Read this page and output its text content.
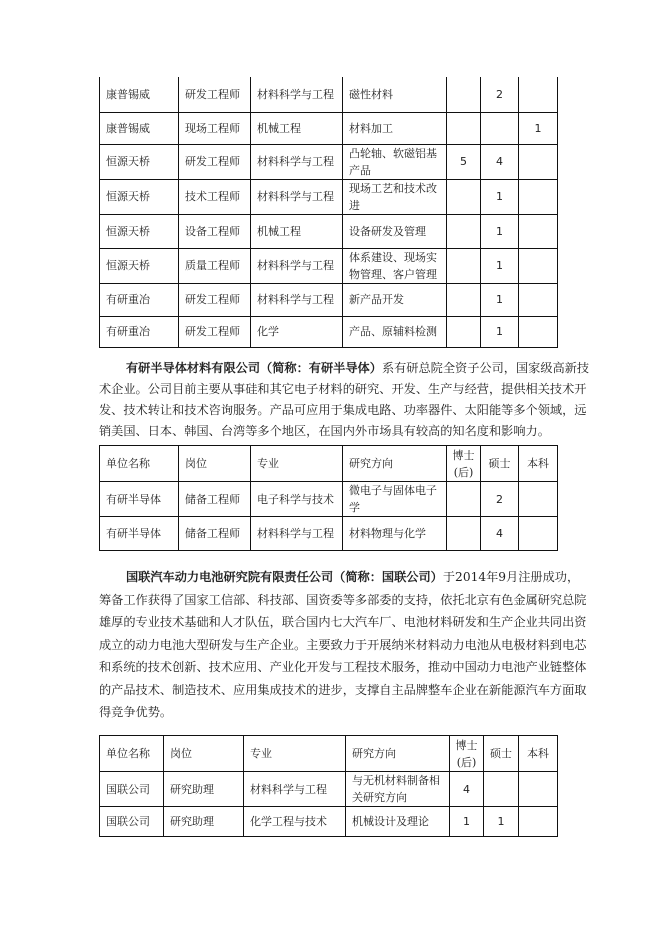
康普锡威	研发工程师	材料科学与工程	磁性材料		2	
康普锡威	现场工程师	机械工程	材料加工			1
恒源天桥	研发工程师	材料科学与工程	凸轮轴、软磁铝基产品	5	4	
恒源天桥	技术工程师	材料科学与工程	现场工艺和技术改进		1	
恒源天桥	设备工程师	机械工程	设备研发及管理		1	
恒源天桥	质量工程师	材料科学与工程	体系建设、现场实物管理、客户管理		1	
有研重冶	研发工程师	材料科学与工程	新产品开发		1	
有研重冶	研发工程师	化学	产品、原辅料检测		1	
有研半导体材料有限公司（简称：有研半导体）系有研总院全资子公司，国家级高新技
术企业。公司目前主要从事硅和其它电子材料的研究、开发、生产与经营，提供相关技术开
发、技术转让和技术咨询服务。产品可应用于集成电路、功率器件、太阳能等多个领域，远
销美国、日本、韩国、台湾等多个地区，在国内外市场具有较高的知名度和影响力。
单位名称	岗位	专业	研究方向	博士(后)	硕士	本科
有研半导体	储备工程师	电子科学与技术	微电子与固体电子学		2	
有研半导体	储备工程师	材料科学与工程	材料物理与化学		4	
国联汽车动力电池研究院有限责任公司（简称：国联公司）于2014年9月注册成功，
筹备工作获得了国家工信部、科技部、国资委等多部委的支持，依托北京有色金属研究总院
雄厚的专业技术基础和人才队伍，联合国内七大汽车厂、电池材料研发和生产企业共同出资
成立的动力电池大型研发与生产企业。主要致力于开展纳米材料动力电池从电极材料到电芯
和系统的技术创新、技术应用、产业化开发与工程技术服务，推动中国动力电池产业链整体
的产品技术、制造技术、应用集成技术的进步，支撑自主品牌整车企业在新能源汽车方面取
得竞争优势。
单位名称	岗位	专业	研究方向	博士(后)	硕士	本科
国联公司	研究助理	材料科学与工程	与无机材料制备相关研究方向	4		
国联公司	研究助理	化学工程与技术	机械设计及理论	1	1	
